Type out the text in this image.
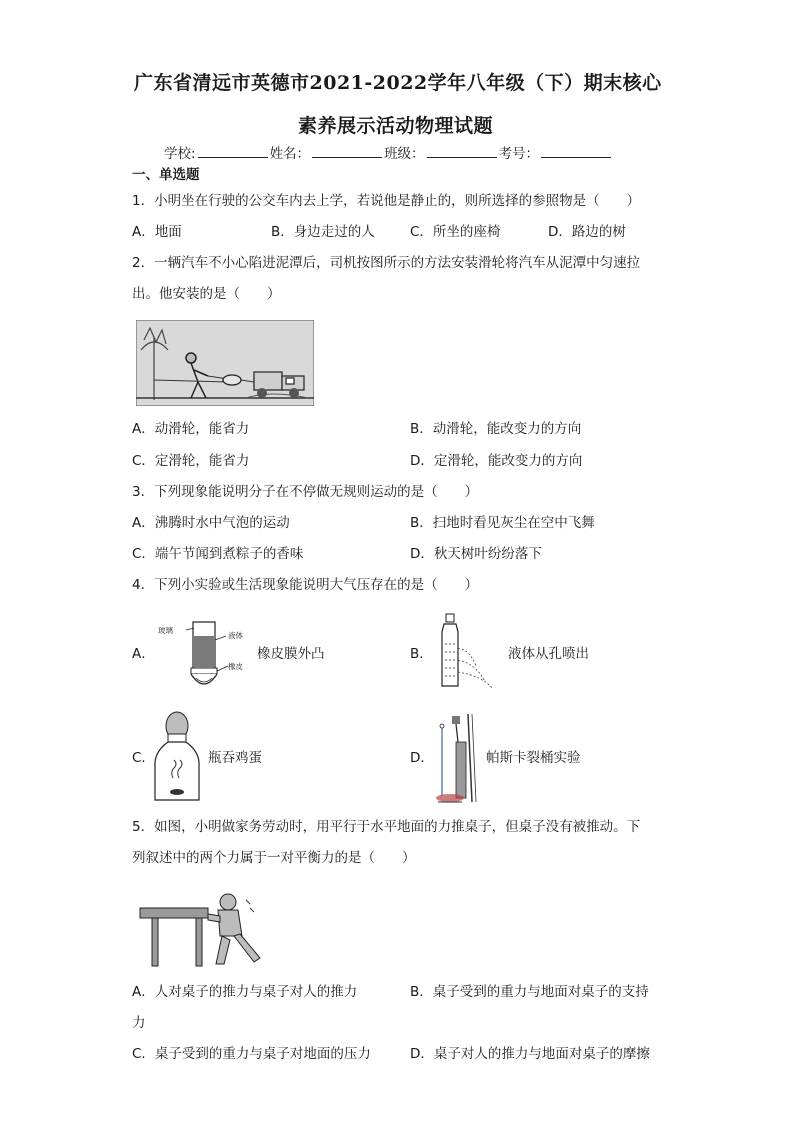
广东省清远市英德市2021-2022学年八年级（下）期末核心
素养展示活动物理试题
学校:	姓名：	班级：	考号：
一、单选题
1．小明坐在行驶的公交车内去上学，若说他是静止的，则所选择的参照物是（　　）
A．地面	B．身边走过的人	C．所坐的座椅	D．路边的树
2．一辆汽车不小心陷进泥潭后，司机按图所示的方法安装滑轮将汽车从泥潭中匀速拉
出。他安装的是（　　）
A．动滑轮，能省力	B．动滑轮，能改变力的方向
C．定滑轮，能省力	D．定滑轮，能改变力的方向
3．下列现象能说明分子在不停做无规则运动的是（　　）
A．沸腾时水中气泡的运动	B．扫地时看见灰尘在空中飞舞
C．端午节闻到煮粽子的香味	D．秋天树叶纷纷落下
4．下列小实验或生活现象能说明大气压存在的是（　　）
A．
玻璃
液体
橡皮
橡皮膜外凸	B．	液体从孔喷出
C．	瓶吞鸡蛋	D．	帕斯卡裂桶实验
5．如图，小明做家务劳动时，用平行于水平地面的力推桌子，但桌子没有被推动。下
列叙述中的两个力属于一对平衡力的是（　　）
A．人对桌子的推力与桌子对人的推力	B．桌子受到的重力与地面对桌子的支持
力
C．桌子受到的重力与桌子对地面的压力	D．桌子对人的推力与地面对桌子的摩擦
